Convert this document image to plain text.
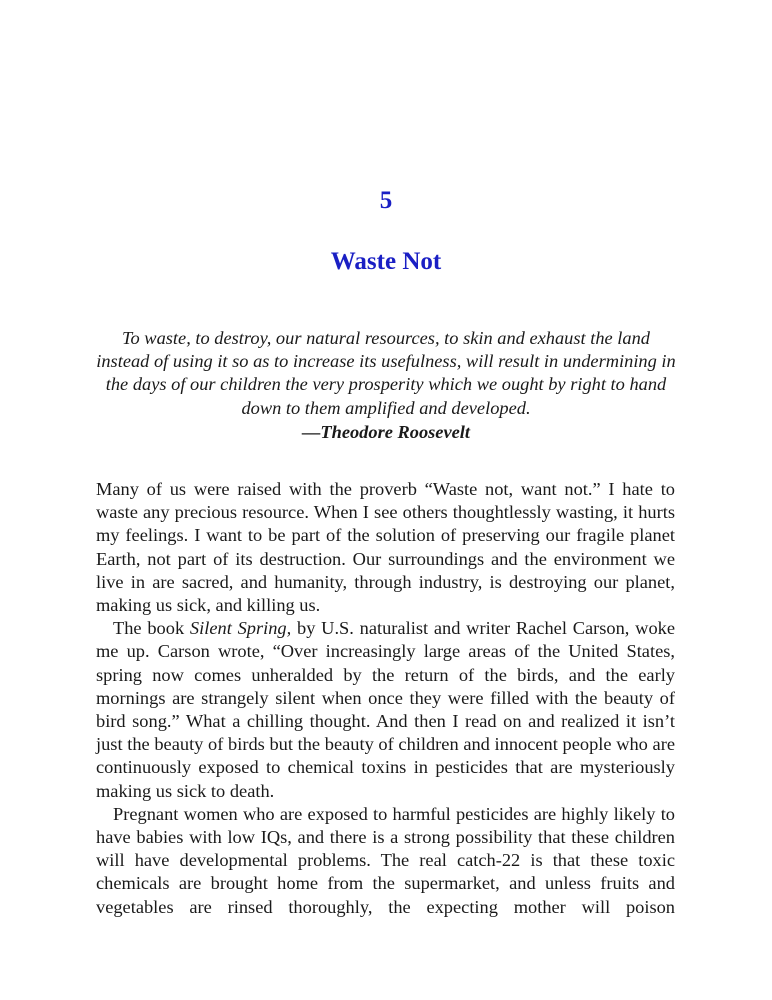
5
Waste Not

To waste, to destroy, our natural resources, to skin and exhaust the land instead of using it so as to increase its usefulness, will result in undermining in the days of our children the very prosperity which we ought by right to hand down to them amplified and developed.

—Theodore Roosevelt

Many of us were raised with the proverb “Waste not, want not.” I hate to waste any precious resource. When I see others thoughtlessly wasting, it hurts my feelings. I want to be part of the solution of preserving our fragile planet Earth, not part of its destruction. Our surroundings and the environment we live in are sacred, and humanity, through industry, is destroying our planet, making us sick, and killing us.

The book Silent Spring, by U.S. naturalist and writer Rachel Carson, woke me up. Carson wrote, “Over increasingly large areas of the United States, spring now comes unheralded by the return of the birds, and the early mornings are strangely silent when once they were filled with the beauty of bird song.” What a chilling thought. And then I read on and realized it isn’t just the beauty of birds but the beauty of children and innocent people who are continuously exposed to chemical toxins in pesticides that are mysteriously making us sick to death.

Pregnant women who are exposed to harmful pesticides are highly likely to have babies with low IQs, and there is a strong possibility that these children will have developmental problems. The real catch-22 is that these toxic chemicals are brought home from the supermarket, and unless fruits and vegetables are rinsed thoroughly, the expecting mother will poison
